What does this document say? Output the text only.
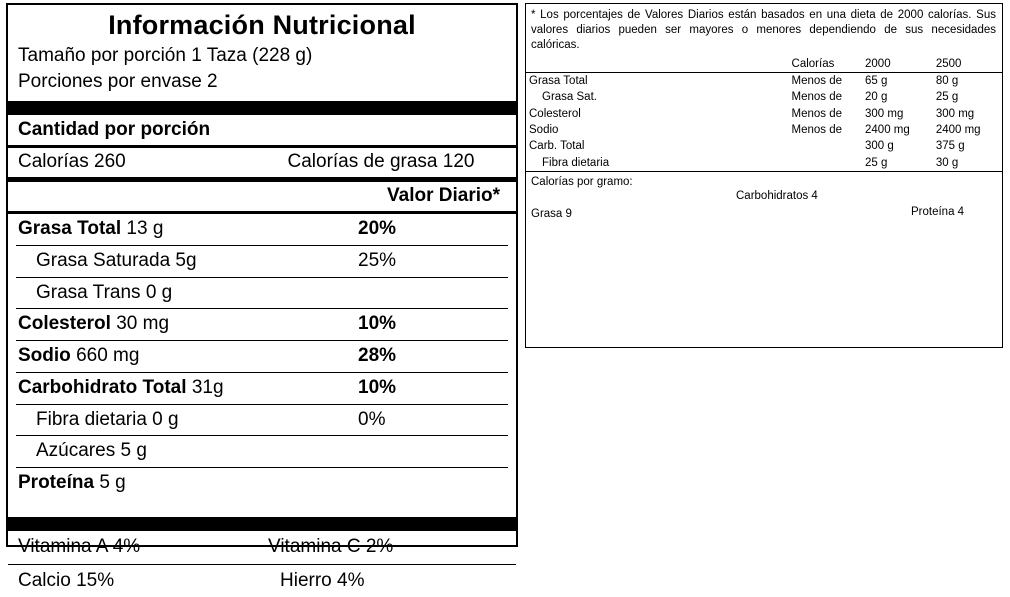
Información Nutricional
Tamaño por porción 1 Taza (228 g)
Porciones por envase 2
Cantidad por porción
Calorías 260	Calorías de grasa 120
Valor Diario*
Grasa Total 13 g	20%
Grasa Saturada 5g	25%
Grasa Trans 0 g
Colesterol 30 mg	10%
Sodio 660 mg	28%
Carbohidrato Total 31g	10%
Fibra dietaria 0 g	0%
Azúcares 5 g
Proteína 5 g
Vitamina A 4%	Vitamina C 2%
Calcio 15%	Hierro 4%
* Los porcentajes de Valores Diarios están basados en una dieta de 2000 calorías. Sus valores diarios pueden ser mayores o menores dependiendo de sus necesidades calóricas.
		Calorías	2000	2500
Grasa Total		Menos de	65 g	80 g
Grasa Sat.		Menos de	20 g	25 g
Colesterol		Menos de	300 mg	300 mg
Sodio		Menos de	2400 mg	2400 mg
Carb. Total			300 g	375 g
Fibra dietaria			25 g	30 g
Calorías por gramo:
Carbohidratos 4
Grasa 9	Proteína 4
